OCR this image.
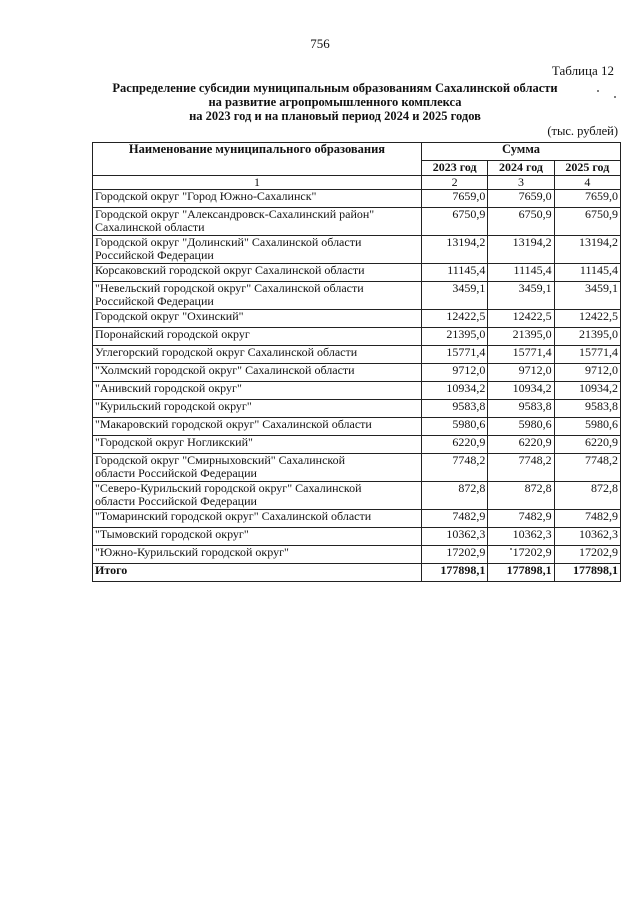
756
Таблица 12
Распределение субсидии муниципальным образованиям Сахалинской области
на развитие агропромышленного комплекса
на 2023 год и на плановый период 2024 и 2025 годов
(тыс. рублей)
Наименование муниципального образования	Сумма		
	2023 год	2024 год	2025 год
1	2	3	4

Городской округ "Город Южно-Сахалинск"	7659,0	7659,0	7659,0

Городской округ "Александровск-Сахалинский район"
Сахалинской области	6750,9	6750,9	6750,9

Городской округ "Долинский" Сахалинской области
Российской Федерации	13194,2	13194,2	13194,2

Корсаковский городской округ Сахалинской области	11145,4	11145,4	11145,4

"Невельский городской округ" Сахалинской области
Российской Федерации	3459,1	3459,1	3459,1

Городской округ "Охинский"	12422,5	12422,5	12422,5

Поронайский городской округ	21395,0	21395,0	21395,0

Углегорский городской округ Сахалинской области	15771,4	15771,4	15771,4

"Холмский городской округ" Сахалинской области	9712,0	9712,0	9712,0

"Анивский городской округ"	10934,2	10934,2	10934,2

"Курильский городской округ"	9583,8	9583,8	9583,8

"Макаровский городской округ" Сахалинской области	5980,6	5980,6	5980,6

"Городской округ Ногликский"	6220,9	6220,9	6220,9

Городской округ "Смирныховский" Сахалинской
области Российской Федерации	7748,2	7748,2	7748,2

"Северо-Курильский городской округ" Сахалинской
области Российской Федерации	872,8	872,8	872,8

"Томаринский городской округ" Сахалинской области	7482,9	7482,9	7482,9

"Тымовский городской округ"	10362,3	10362,3	10362,3

"Южно-Курильский городской округ"	17202,9	17202,9	17202,9
Итого	177898,1	177898,1	177898,1
